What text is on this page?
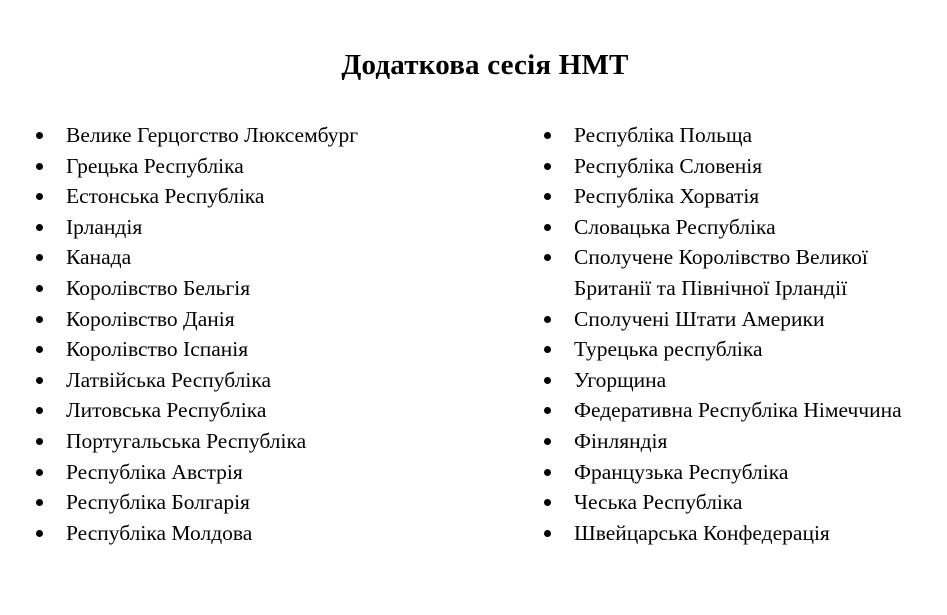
Додаткова сесія НМТ
Велике Герцогство Люксембург
Грецька Республіка
Естонська Республіка
Ірландія
Канада
Королівство Бельгія
Королівство Данія
Королівство Іспанія
Латвійська Республіка
Литовська Республіка
Португальська Республіка
Республіка Австрія
Республіка Болгарія
Республіка Молдова
Республіка Польща
Республіка Словенія
Республіка Хорватія
Словацька Республіка
Сполучене Королівство Великої Британії та Північної Ірландії
Сполучені Штати Америки
Турецька республіка
Угорщина
Федеративна Республіка Німеччина
Фінляндія
Французька Республіка
Чеська Республіка
Швейцарська Конфедерація
